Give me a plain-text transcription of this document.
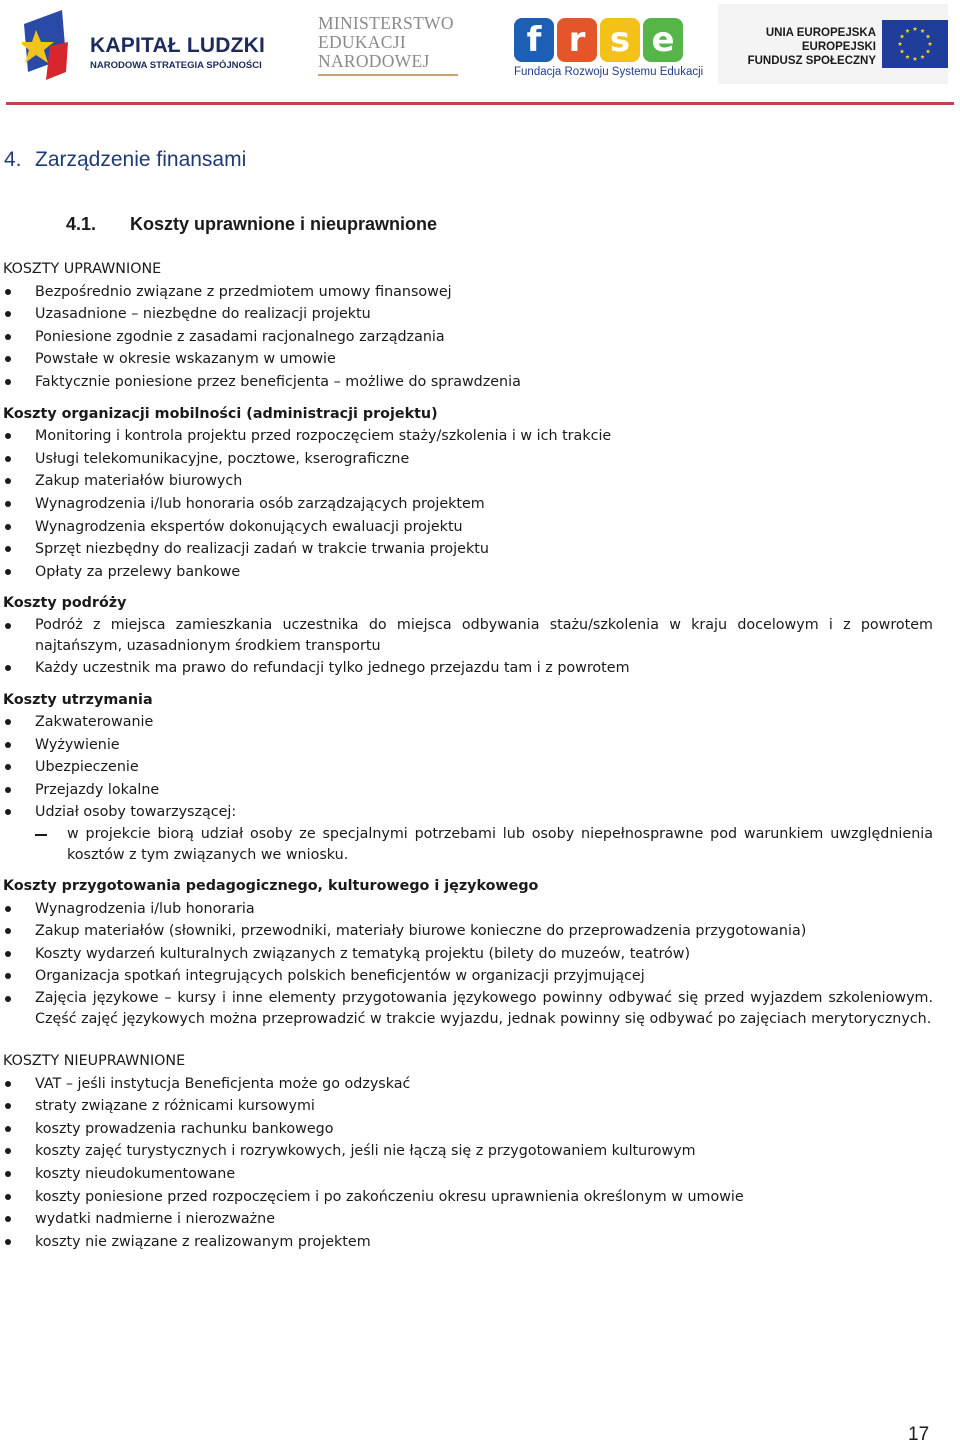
KAPITAŁ LUDZKI
NARODOWA STRATEGIA SPÓJNOŚCI
MINISTERSTWO
EDUKACJI
NARODOWEJ
f r s e
Fundacja Rozwoju Systemu Edukacji
UNIA EUROPEJSKA
EUROPEJSKI
FUNDUSZ SPOŁECZNY
4. Zarządzenie finansami
4.1. Koszty uprawnione i nieuprawnione

KOSZTY UPRAWNIONE

Bezpośrednio związane z przedmiotem umowy finansowej
Uzasadnione – niezbędne do realizacji projektu
Poniesione zgodnie z zasadami racjonalnego zarządzania
Powstałe w okresie wskazanym w umowie
Faktycznie poniesione przez beneficjenta – możliwe do sprawdzenia

Koszty organizacji mobilności (administracji projektu)

Monitoring i kontrola projektu przed rozpoczęciem staży/szkolenia i w ich trakcie
Usługi telekomunikacyjne, pocztowe, kserograficzne
Zakup materiałów biurowych
Wynagrodzenia i/lub honoraria osób zarządzających projektem
Wynagrodzenia ekspertów dokonujących ewaluacji projektu
Sprzęt niezbędny do realizacji zadań w trakcie trwania projektu
Opłaty za przelewy bankowe

Koszty podróży

Podróż z miejsca zamieszkania uczestnika do miejsca odbywania stażu/szkolenia w kraju docelowym i z powrotem najtańszym, uzasadnionym środkiem transportu
Każdy uczestnik ma prawo do refundacji tylko jednego przejazdu tam i z powrotem

Koszty utrzymania

Zakwaterowanie
Wyżywienie
Ubezpieczenie
Przejazdy lokalne
Udział osoby towarzyszącej:
w projekcie biorą udział osoby ze specjalnymi potrzebami lub osoby niepełnosprawne pod warunkiem uwzględnienia kosztów z tym związanych we wniosku.

Koszty przygotowania pedagogicznego, kulturowego i językowego

Wynagrodzenia i/lub honoraria
Zakup materiałów (słowniki, przewodniki, materiały biurowe konieczne do przeprowadzenia przygotowania)
Koszty wydarzeń kulturalnych związanych z tematyką projektu (bilety do muzeów, teatrów)
Organizacja spotkań integrujących polskich beneficjentów w organizacji przyjmującej
Zajęcia językowe – kursy i inne elementy przygotowania językowego powinny odbywać się przed wyjazdem szkoleniowym. Część zajęć językowych można przeprowadzić w trakcie wyjazdu, jednak powinny się odbywać po zajęciach merytorycznych.

KOSZTY NIEUPRAWNIONE

VAT – jeśli instytucja Beneficjenta może go odzyskać
straty związane z różnicami kursowymi
koszty prowadzenia rachunku bankowego
koszty zajęć turystycznych i rozrywkowych, jeśli nie łączą się z przygotowaniem kulturowym
koszty nieudokumentowane
koszty poniesione przed rozpoczęciem i po zakończeniu okresu uprawnienia określonym w umowie
wydatki nadmierne i nierozważne
koszty nie związane z realizowanym projektem
17
